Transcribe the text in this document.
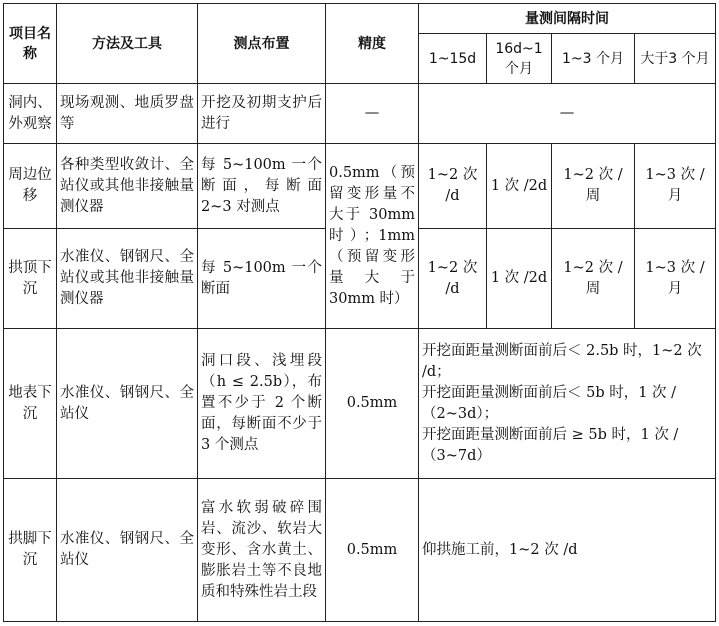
项目名称	方法及工具	测点布置	精度	量测间隔时间			
				1~15d	16d~1个月	1~3 个月	大于3 个月
洞内、外观察	现场观测、地质罗盘等	开挖及初期支护后进行	—	—			
周边位移	各种类型收敛计、全站仪或其他非接触量测仪器	每 5~100m 一个断面，每断面 2~3 对测点	0.5mm（预留变形量不大于 30mm 时）；1mm（预留变形量大于 30mm 时）	1~2 次 /d	1 次 /2d	1~2 次 / 周	1~3 次 / 月
拱顶下沉	水准仪、钢钢尺、全站仪或其他非接触量测仪器	每 5~100m 一个断面		1~2 次 /d	1 次 /2d	1~2 次 / 周	1~3 次 / 月
地表下沉	水准仪、钢钢尺、全站仪	洞口段、浅埋段（h ≤ 2.5b），布置不少于 2 个断面，每断面不少于 3 个测点	0.5mm	开挖面距量测断面前后＜ 2.5b 时，1~2 次 /d；
开挖面距量测断面前后＜ 5b 时，1 次 /（2~3d）；
开挖面距量测断面前后 ≥ 5b 时，1 次 /（3~7d）			

拱脚下沉	水准仪、钢钢尺、全站仪	富水软弱破碎围岩、流沙、软岩大变形、含水黄土、膨胀岩土等不良地质和特殊性岩土段	0.5mm	仰拱施工前，1~2 次 /d			
